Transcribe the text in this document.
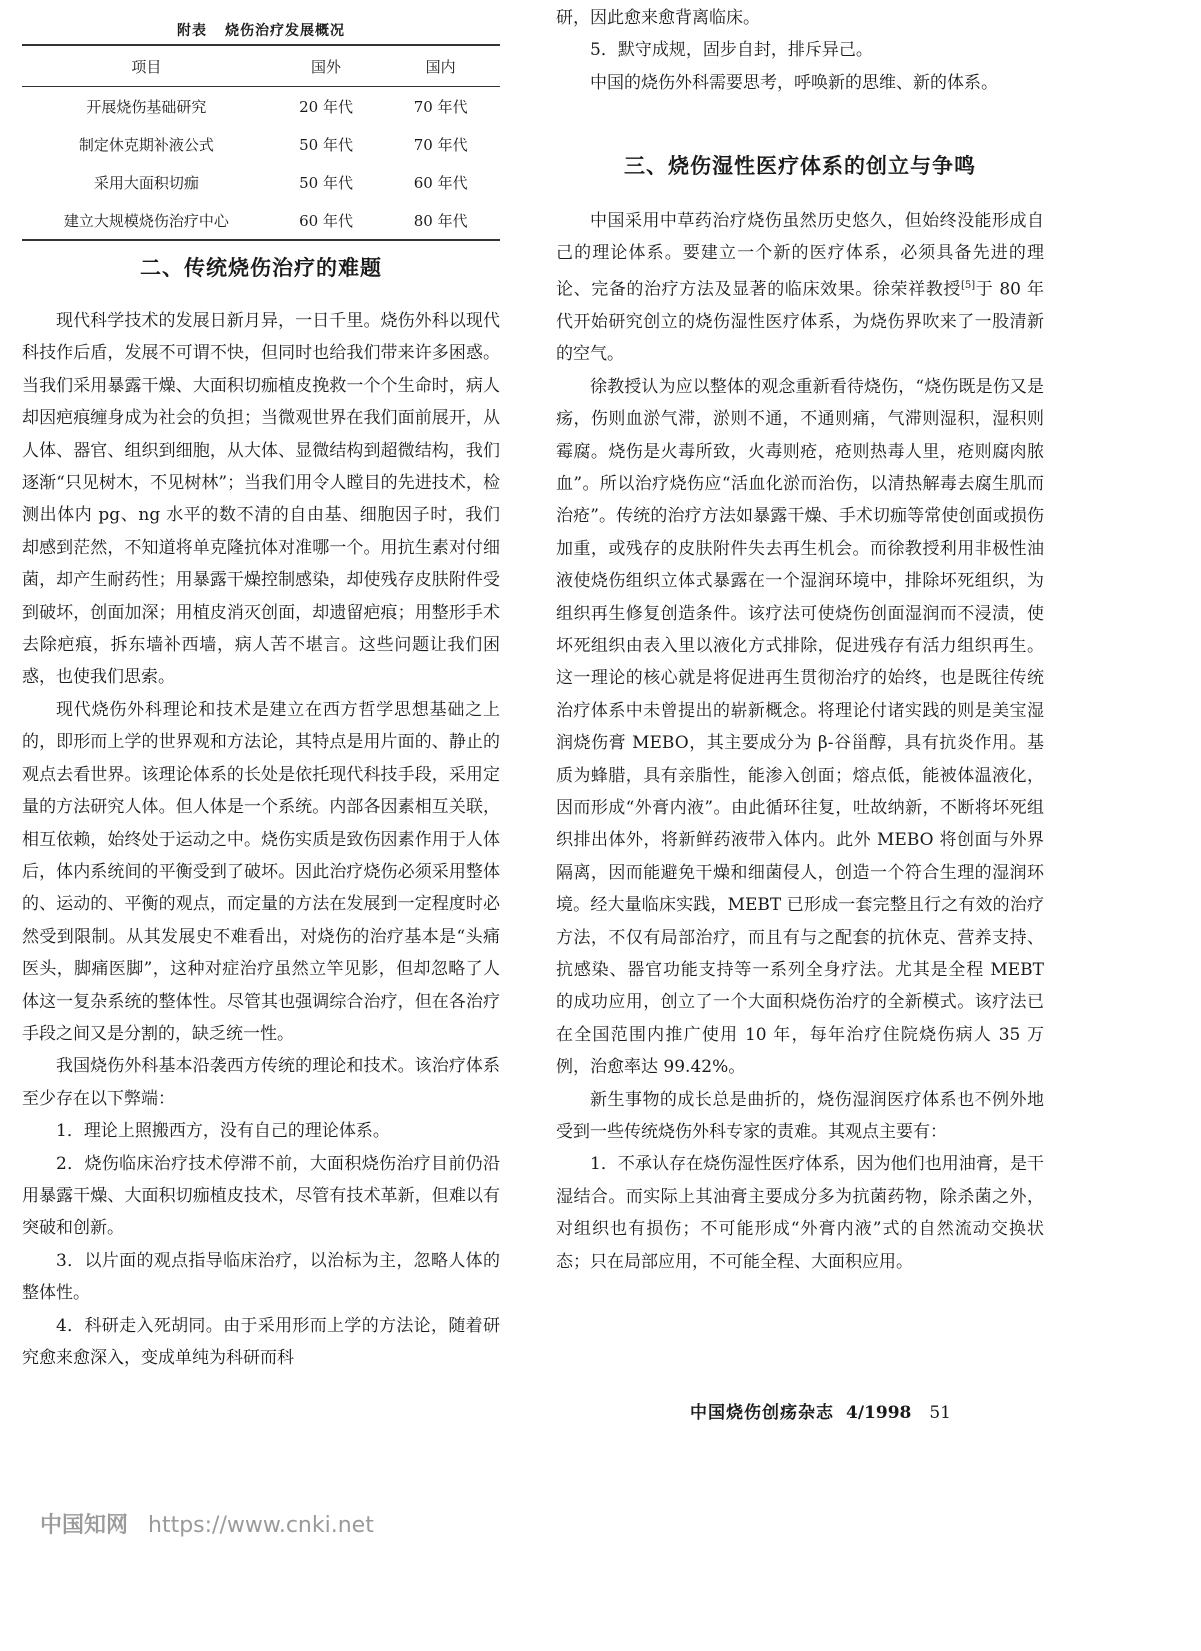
附表 烧伤治疗发展概况
项目	国外	国内
开展烧伤基础研究	20 年代	70 年代
制定休克期补液公式	50 年代	70 年代
采用大面积切痂	50 年代	60 年代
建立大规模烧伤治疗中心	60 年代	80 年代
二、传统烧伤治疗的难题

现代科学技术的发展日新月异，一日千里。烧伤外科以现代科技作后盾，发展不可谓不快，但同时也给我们带来许多困惑。当我们采用暴露干燥、大面积切痂植皮挽救一个个生命时，病人却因疤痕缠身成为社会的负担；当微观世界在我们面前展开，从人体、器官、组织到细胞，从大体、显微结构到超微结构，我们逐渐“只见树木，不见树林”；当我们用令人瞠目的先进技术，检测出体内 pg、ng 水平的数不清的自由基、细胞因子时，我们却感到茫然，不知道将单克隆抗体对准哪一个。用抗生素对付细菌，却产生耐药性；用暴露干燥控制感染，却使残存皮肤附件受到破坏，创面加深；用植皮消灭创面，却遗留疤痕；用整形手术去除疤痕，拆东墙补西墙，病人苦不堪言。这些问题让我们困惑，也使我们思索。

现代烧伤外科理论和技术是建立在西方哲学思想基础之上的，即形而上学的世界观和方法论，其特点是用片面的、静止的观点去看世界。该理论体系的长处是依托现代科技手段，采用定量的方法研究人体。但人体是一个系统。内部各因素相互关联，相互依赖，始终处于运动之中。烧伤实质是致伤因素作用于人体后，体内系统间的平衡受到了破坏。因此治疗烧伤必须采用整体的、运动的、平衡的观点，而定量的方法在发展到一定程度时必然受到限制。从其发展史不难看出，对烧伤的治疗基本是“头痛医头，脚痛医脚”，这种对症治疗虽然立竿见影，但却忽略了人体这一复杂系统的整体性。尽管其也强调综合治疗，但在各治疗手段之间又是分割的，缺乏统一性。

我国烧伤外科基本沿袭西方传统的理论和技术。该治疗体系至少存在以下弊端：

1．理论上照搬西方，没有自己的理论体系。

2．烧伤临床治疗技术停滞不前，大面积烧伤治疗目前仍沿用暴露干燥、大面积切痂植皮技术，尽管有技术革新，但难以有突破和创新。

3．以片面的观点指导临床治疗，以治标为主，忽略人体的整体性。

4．科研走入死胡同。由于采用形而上学的方法论，随着研究愈来愈深入，变成单纯为科研而科

研，因此愈来愈背离临床。

5．默守成规，固步自封，排斥异己。

中国的烧伤外科需要思考，呼唤新的思维、新的体系。

三、烧伤湿性医疗体系的创立与争鸣

中国采用中草药治疗烧伤虽然历史悠久，但始终没能形成自己的理论体系。要建立一个新的医疗体系，必须具备先进的理论、完备的治疗方法及显著的临床效果。徐荣祥教授[5]于 80 年代开始研究创立的烧伤湿性医疗体系，为烧伤界吹来了一股清新的空气。

徐教授认为应以整体的观念重新看待烧伤，“烧伤既是伤又是疡，伤则血淤气滞，淤则不通，不通则痛，气滞则湿积，湿积则霉腐。烧伤是火毒所致，火毒则疮，疮则热毒人里，疮则腐肉脓血”。所以治疗烧伤应“活血化淤而治伤，以清热解毒去腐生肌而治疮”。传统的治疗方法如暴露干燥、手术切痂等常使创面或损伤加重，或残存的皮肤附件失去再生机会。而徐教授利用非极性油液使烧伤组织立体式暴露在一个湿润环境中，排除坏死组织，为组织再生修复创造条件。该疗法可使烧伤创面湿润而不浸渍，使坏死组织由表入里以液化方式排除，促进残存有活力组织再生。这一理论的核心就是将促进再生贯彻治疗的始终，也是既往传统治疗体系中未曾提出的崭新概念。将理论付诸实践的则是美宝湿润烧伤膏 MEBO，其主要成分为 β-谷甾醇，具有抗炎作用。基质为蜂腊，具有亲脂性，能渗入创面；熔点低，能被体温液化，因而形成“外膏内液”。由此循环往复，吐故纳新，不断将坏死组织排出体外，将新鲜药液带入体内。此外 MEBO 将创面与外界隔离，因而能避免干燥和细菌侵人，创造一个符合生理的湿润环境。经大量临床实践，MEBT 已形成一套完整且行之有效的治疗方法，不仅有局部治疗，而且有与之配套的抗休克、营养支持、抗感染、器官功能支持等一系列全身疗法。尤其是全程 MEBT 的成功应用，创立了一个大面积烧伤治疗的全新模式。该疗法已在全国范围内推广使用 10 年，每年治疗住院烧伤病人 35 万例，治愈率达 99.42%。

新生事物的成长总是曲折的，烧伤湿润医疗体系也不例外地受到一些传统烧伤外科专家的责难。其观点主要有：

1．不承认存在烧伤湿性医疗体系，因为他们也用油膏，是干湿结合。而实际上其油膏主要成分多为抗菌药物，除杀菌之外，对组织也有损伤；不可能形成“外膏内液”式的自然流动交换状态；只在局部应用，不可能全程、大面积应用。

中国烧伤创疡杂志 4/1998 51
中国知网 https://www.cnki.net
